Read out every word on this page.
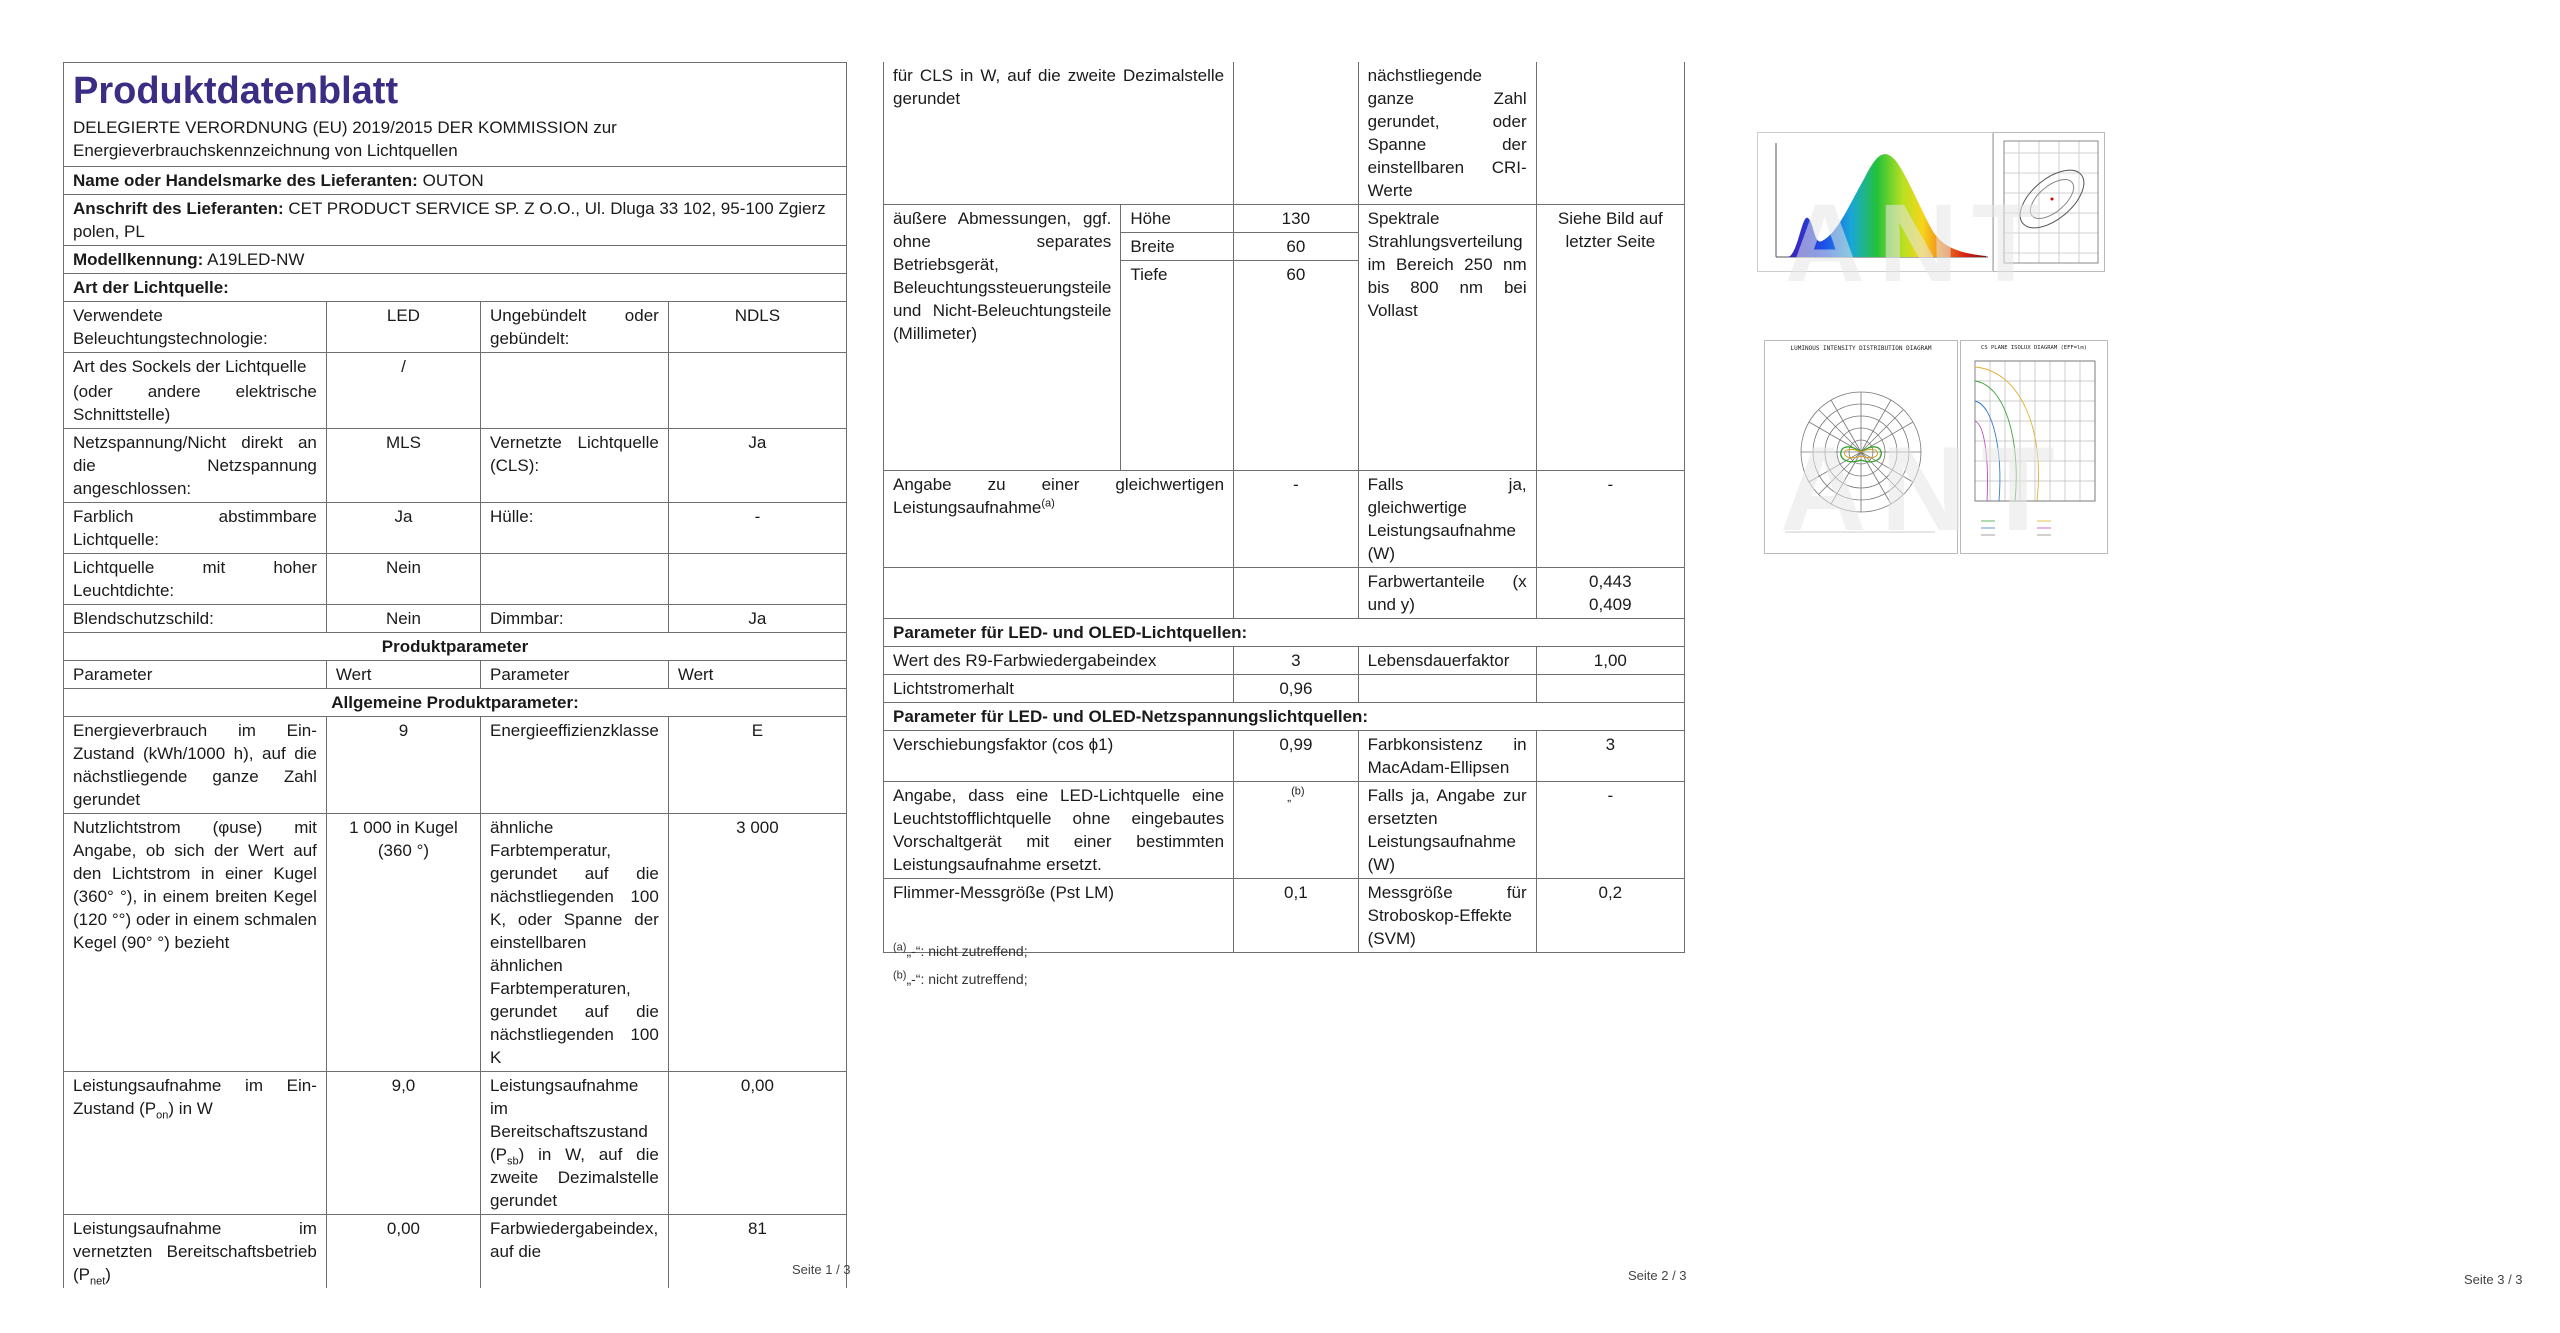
Produktdatenblatt
DELEGIERTE VERORDNUNG (EU) 2019/2015 DER KOMMISSION zur Energieverbrauchskennzeichnung von Lichtquellen			

Name oder Handelsmarke des Lieferanten: OUTON			
Anschrift des Lieferanten: CET PRODUCT SERVICE SP. Z O.O., Ul. Dluga 33 102, 95-100 Zgierz polen, PL			
Modellkennung: A19LED-NW			
Art der Lichtquelle:			
Verwendete Beleuchtungstechnologie:	LED	Ungebündelt oder gebündelt:	NDLS

Art des Sockels der Lichtquelle
(oder andere elektrische Schnittstelle)	/		
Netzspannung/Nicht direkt an die Netzspannung angeschlossen:	MLS	Vernetzte Lichtquelle (CLS):	Ja
Farblich abstimmbare Lichtquelle:	Ja	Hülle:	-
Lichtquelle mit hoher Leuchtdichte:	Nein		
Blendschutzschild:	Nein	Dimmbar:	Ja
Produktparameter			
Parameter	Wert	Parameter	Wert
Allgemeine Produktparameter:			
Energieverbrauch im Ein-Zustand (kWh/1000 h), auf die nächstliegende ganze Zahl gerundet	9	Energieeffizienzklasse	E
Nutzlichtstrom (φuse) mit Angabe, ob sich der Wert auf den Lichtstrom in einer Kugel (360° °), in einem breiten Kegel (120 °°) oder in einem schmalen Kegel (90° °) bezieht	1 000 in Kugel (360 °)	ähnliche Farbtemperatur, gerundet auf die nächstliegenden 100 K, oder Spanne der einstellbaren ähnlichen Farbtemperaturen, gerundet auf die nächstliegenden 100 K	3 000
Leistungsaufnahme im Ein-Zustand $(P_{on})$ in W	9,0	Leistungsaufnahme im Bereitschaftszustand $(P_{sb})$ in W, auf die zweite Dezimalstelle gerundet	0,00
Leistungsaufnahme im vernetzten Bereitschaftsbetrieb $(P_{net})$	0,00	Farbwiedergabeindex, auf die	81
Seite 1 / 3
für CLS in W, auf die zweite Dezimalstelle gerundet			nächstliegende ganze Zahl gerundet, oder Spanne der einstellbaren CRI-Werte	
äußere Abmessungen, ggf. ohne separates Betriebsgerät, Beleuchtungssteuerungsteile und Nicht-Beleuchtungsteile (Millimeter)	Höhe	130	Spektrale Strahlungsverteilung im Bereich 250 nm bis 800 nm bei Vollast	Siehe Bild auf letzter Seite
	Breite	60		
	Tiefe	60		
Angabe zu einer gleichwertigen Leistungsaufnahme$^{(a)}$		-	Falls ja, gleichwertige Leistungsaufnahme (W)	-
			Farbwertanteile (x und y)	0,443
0,409

Parameter für LED- und OLED-Lichtquellen:				
Wert des R9-Farbwiedergabeindex		3	Lebensdauerfaktor	1,00
Lichtstromerhalt		0,96		
Parameter für LED- und OLED-Netzspannungslichtquellen:				
Verschiebungsfaktor (cos ϕ1)		0,99	Farbkonsistenz in MacAdam-Ellipsen	3
Angabe, dass eine LED-Lichtquelle eine Leuchtstofflichtquelle ohne eingebautes Vorschaltgerät mit einer bestimmten Leistungsaufnahme ersetzt.		„$^{(b)}$	Falls ja, Angabe zur ersetzten Leistungsaufnahme (W)	-
Flimmer-Messgröße (Pst LM)		0,1	Messgröße für Stroboskop-Effekte (SVM)	0,2
$^{(a)}$„-“: nicht zutreffend;
$^{(b)}$„-“: nicht zutreffend;
Seite 2 / 3
LUMINOUS INTENSITY DISTRIBUTION DIAGRAM	CS PLANE ISOLUX DIAGRAM (EFF=lm)
ANT
ANT
Seite 3 / 3
